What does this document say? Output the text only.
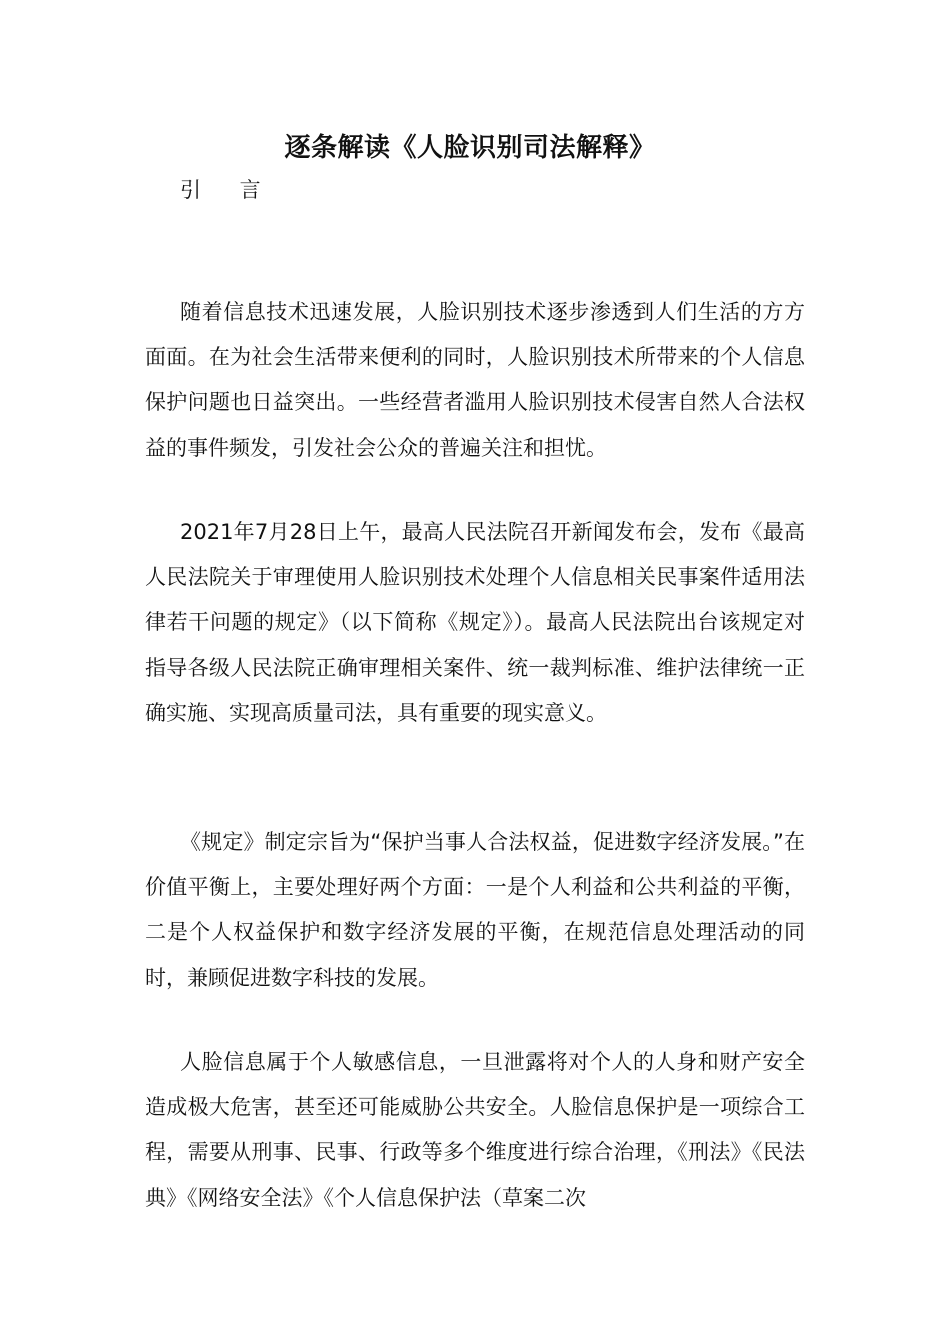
逐条解读《人脸识别司法解释》
引 言

随着信息技术迅速发展，人脸识别技术逐步渗透到人们生活的方方面面。在为社会生活带来便利的同时，人脸识别技术所带来的个人信息保护问题也日益突出。一些经营者滥用人脸识别技术侵害自然人合法权益的事件频发，引发社会公众的普遍关注和担忧。

2021年7月28日上午，最高人民法院召开新闻发布会，发布《最高人民法院关于审理使用人脸识别技术处理个人信息相关民事案件适用法律若干问题的规定》（以下简称《规定》）。最高人民法院出台该规定对指导各级人民法院正确审理相关案件、统一裁判标准、维护法律统一正确实施、实现高质量司法，具有重要的现实意义。

《规定》制定宗旨为“保护当事人合法权益，促进数字经济发展。”在价值平衡上，主要处理好两个方面：一是个人利益和公共利益的平衡，二是个人权益保护和数字经济发展的平衡，在规范信息处理活动的同时，兼顾促进数字科技的发展。

人脸信息属于个人敏感信息，一旦泄露将对个人的人身和财产安全造成极大危害，甚至还可能威胁公共安全。人脸信息保护是一项综合工程，需要从刑事、民事、行政等多个维度进行综合治理，《刑法》《民法典》《网络安全法》《个人信息保护法（草案二次
